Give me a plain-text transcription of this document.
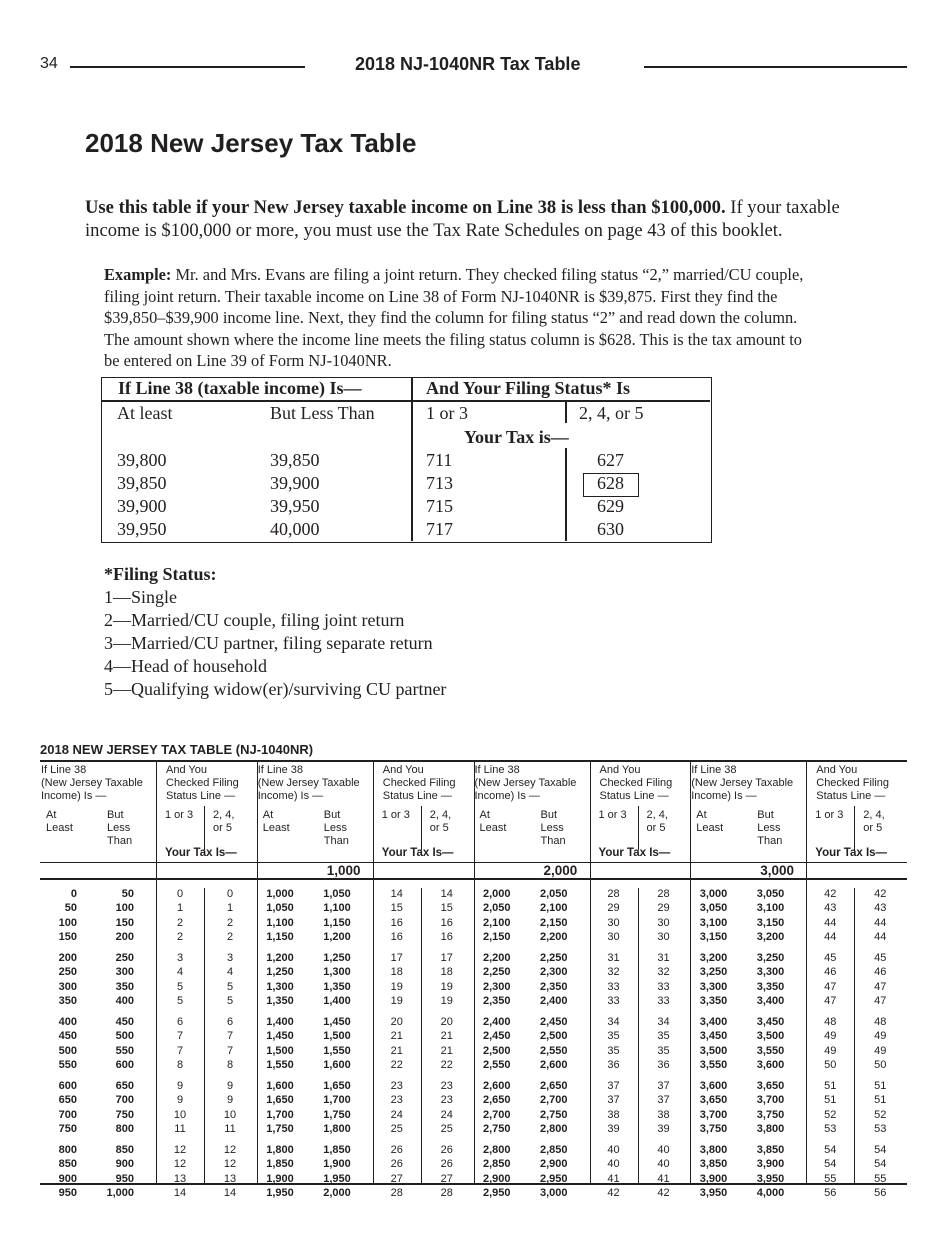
34	2018 NJ-1040NR Tax Table
2018 New Jersey Tax Table

Use this table if your New Jersey taxable income on Line 38 is less than $100,000. If your taxable income is $100,000 or more, you must use the Tax Rate Schedules on page 43 of this booklet.

Example: Mr. and Mrs. Evans are filing a joint return. They checked filing status “2,” married/CU couple, filing joint return. Their taxable income on Line 38 of Form NJ-1040NR is $39,875. First they find the $39,850–$39,900 income line. Next, they find the column for filing status “2” and read down the column. The amount shown where the income line meets the filing status column is $628. This is the tax amount to be entered on Line 39 of Form NJ-1040NR.

If Line 38 (taxable income) Is—	And Your Filing Status* Is
At least	But Less Than	1 or 3	2, 4, or 5
Your Tax is—
39,800	39,850	711	627
39,850	39,900	713	628
39,900	39,950	715	629
39,950	40,000	717	630
*Filing Status:
1—Single
2—Married/CU couple, filing joint return
3—Married/CU partner, filing separate return
4—Head of household
5—Qualifying widow(er)/surviving CU partner
2018 NEW JERSEY TAX TABLE (NJ-1040NR)
If Line 38	And You
(New Jersey Taxable Checked Filing
Income) Is —	Status Line —
At
Least
But
Less
Than
1 or 3 2, 4,
or 5
Your Tax Is—
0	50	0	0
50	100	1	1
100	150	2	2
150	200	2	2
200	250	3	3
250	300	4	4
300	350	5	5
350	400	5	5
400	450	6	6
450	500	7	7
500	550	7	7
550	600	8	8
600	650	9	9
650	700	9	9
700	750	10	10
750	800	11	11
800	850	12	12
850	900	12	12
900	950	13	13
950	1,000	14	14
If Line 38	And You
(New Jersey Taxable Checked Filing
Income) Is —	Status Line —
At
Least
But
Less
Than
1 or 3 2, 4,
or 5
Your Tax Is—
1,000
1,000	1,050	14	14
1,050	1,100	15	15
1,100	1,150	16	16
1,150	1,200	16	16
1,200	1,250	17	17
1,250	1,300	18	18
1,300	1,350	19	19
1,350	1,400	19	19
1,400	1,450	20	20
1,450	1,500	21	21
1,500	1,550	21	21
1,550	1,600	22	22
1,600	1,650	23	23
1,650	1,700	23	23
1,700	1,750	24	24
1,750	1,800	25	25
1,800	1,850	26	26
1,850	1,900	26	26
1,900	1,950	27	27
1,950	2,000	28	28
If Line 38	And You
(New Jersey Taxable Checked Filing
Income) Is —	Status Line —
At
Least
But
Less
Than
1 or 3 2, 4,
or 5
Your Tax Is—
2,000
2,000	2,050	28	28
2,050	2,100	29	29
2,100	2,150	30	30
2,150	2,200	30	30
2,200	2,250	31	31
2,250	2,300	32	32
2,300	2,350	33	33
2,350	2,400	33	33
2,400	2,450	34	34
2,450	2,500	35	35
2,500	2,550	35	35
2,550	2,600	36	36
2,600	2,650	37	37
2,650	2,700	37	37
2,700	2,750	38	38
2,750	2,800	39	39
2,800	2,850	40	40
2,850	2,900	40	40
2,900	2,950	41	41
2,950	3,000	42	42
If Line 38	And You
(New Jersey Taxable Checked Filing
Income) Is —	Status Line —
At
Least
But
Less
Than
1 or 3 2, 4,
or 5
Your Tax Is—
3,000
3,000	3,050	42	42
3,050	3,100	43	43
3,100	3,150	44	44
3,150	3,200	44	44
3,200	3,250	45	45
3,250	3,300	46	46
3,300	3,350	47	47
3,350	3,400	47	47
3,400	3,450	48	48
3,450	3,500	49	49
3,500	3,550	49	49
3,550	3,600	50	50
3,600	3,650	51	51
3,650	3,700	51	51
3,700	3,750	52	52
3,750	3,800	53	53
3,800	3,850	54	54
3,850	3,900	54	54
3,900	3,950	55	55
3,950	4,000	56	56
